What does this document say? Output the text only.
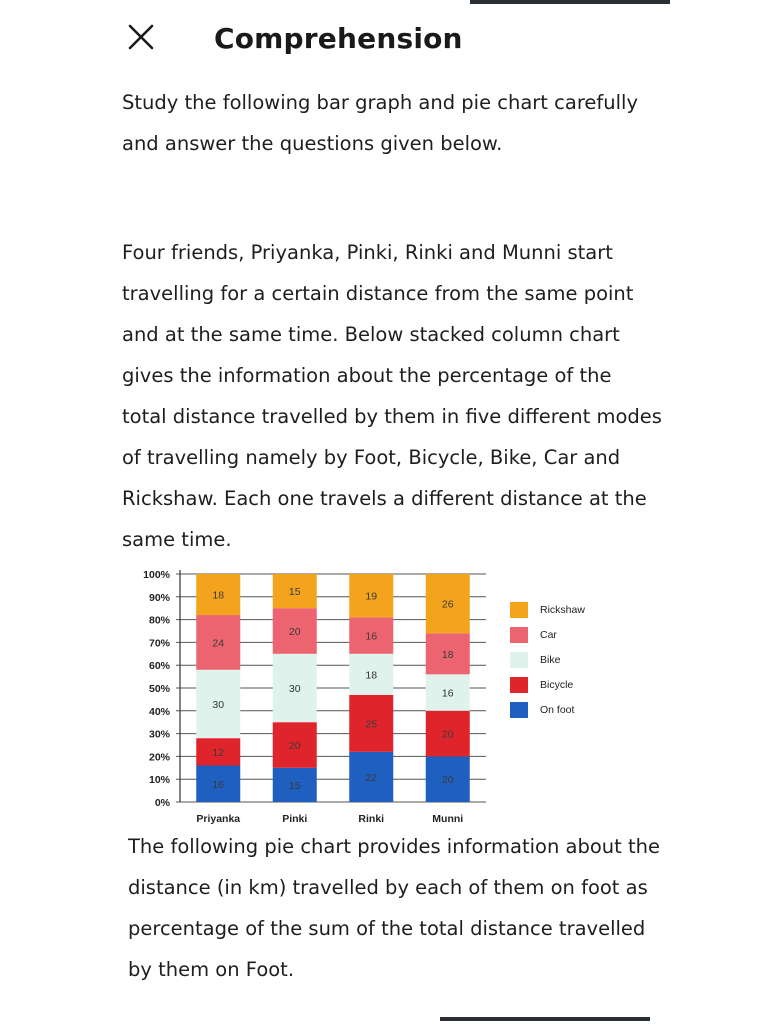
Comprehension
Study the following bar graph and pie chart carefully and answer the questions given below.
Four friends, Priyanka, Pinki, Rinki and Munni start travelling for a certain distance from the same point and at the same time. Below stacked column chart gives the information about the percentage of the total distance travelled by them in five different modes of travelling namely by Foot, Bicycle, Bike, Car and Rickshaw. Each one travels a different distance at the same time.
0%
10%
20%
30%
40%
50%
60%
70%
80%
90%
100%
16
12
30
24
18
Priyanka
15
20
30
20
15
Pinki
22
25
18
16
19
Rinki
20
20
16
18
26
Munni
Rickshaw
Car
Bike
Bicycle
On foot
The following pie chart provides information about the distance (in km) travelled by each of them on foot as percentage of the sum of the total distance travelled by them on Foot.
